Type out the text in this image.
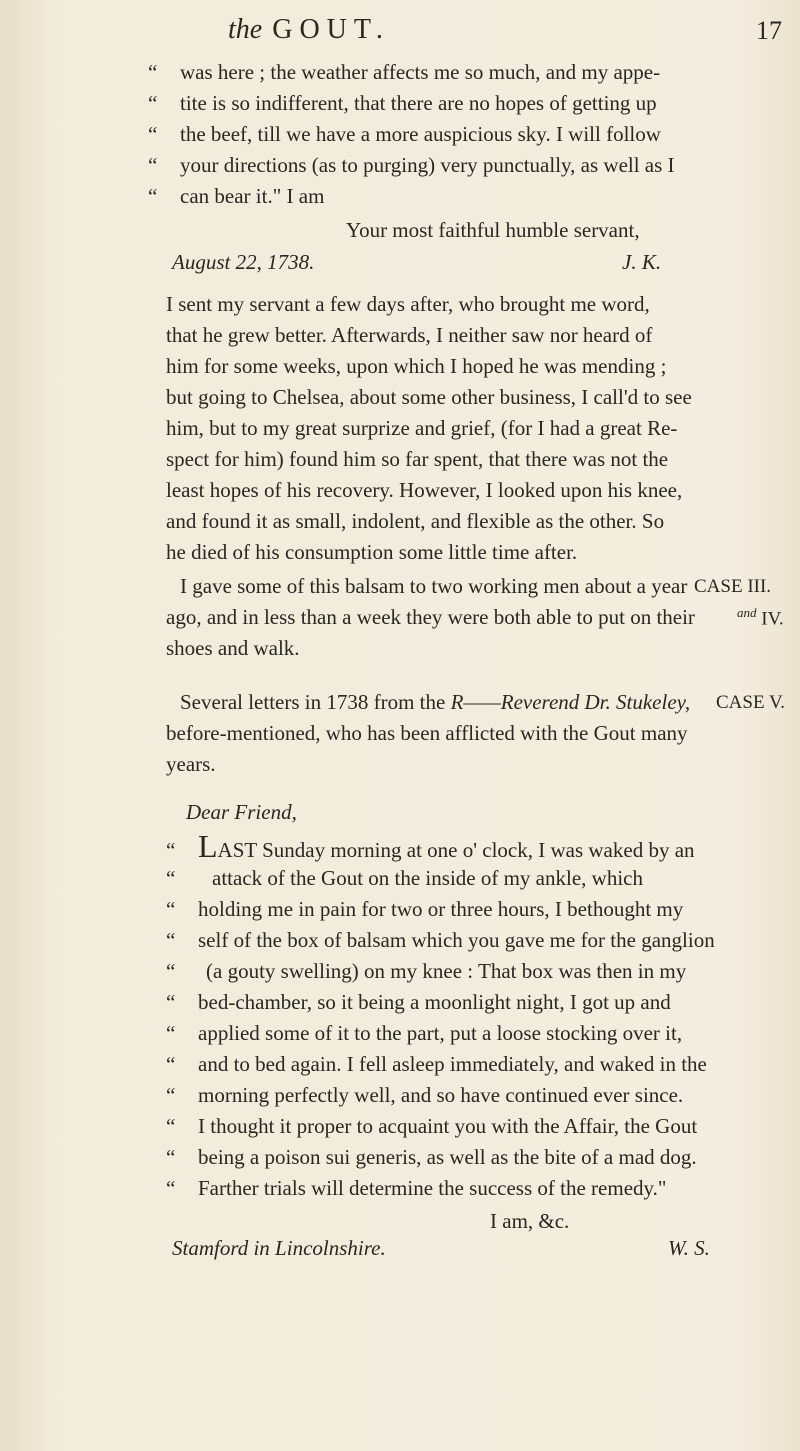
the GOUT.	17
“ was here ; the weather affects me so much, and my appe-
“ tite is so indifferent, that there are no hopes of getting up
“ the beef, till we have a more auspicious sky. I will follow
“ your directions (as to purging) very punctually, as well as I
“ can bear it." I am
Your most faithful humble servant,
August 22, 1738.	J. K.
I sent my servant a few days after, who brought me word,
that he grew better. Afterwards, I neither saw nor heard of
him for some weeks, upon which I hoped he was mending ;
but going to Chelsea, about some other business, I call'd to see
him, but to my great surprize and grief, (for I had a great Re-
spect for him) found him so far spent, that there was not the
least hopes of his recovery. However, I looked upon his knee,
and found it as small, indolent, and flexible as the other. So
he died of his consumption some little time after.
I gave some of this balsam to two working men about a year CASE III.
ago, and in less than a week they were both able to put on their	$^{and}$ IV.
shoes and walk.
Several letters in 1738 from the R——Reverend Dr. Stukeley, CASE V.
before-mentioned, who has been afflicted with the Gout many
years.
Dear Friend,
“ LAST Sunday morning at one o' clock, I was waked by an
“ attack of the Gout on the inside of my ankle, which
“ holding me in pain for two or three hours, I bethought my
“ self of the box of balsam which you gave me for the ganglion
“ (a gouty swelling) on my knee : That box was then in my
“ bed-chamber, so it being a moonlight night, I got up and
“ applied some of it to the part, put a loose stocking over it,
“ and to bed again. I fell asleep immediately, and waked in the
“ morning perfectly well, and so have continued ever since.
“ I thought it proper to acquaint you with the Affair, the Gout
“ being a poison sui generis, as well as the bite of a mad dog.
“ Farther trials will determine the success of the remedy."
I am, &c.
Stamford in Lincolnshire.	W. S.
